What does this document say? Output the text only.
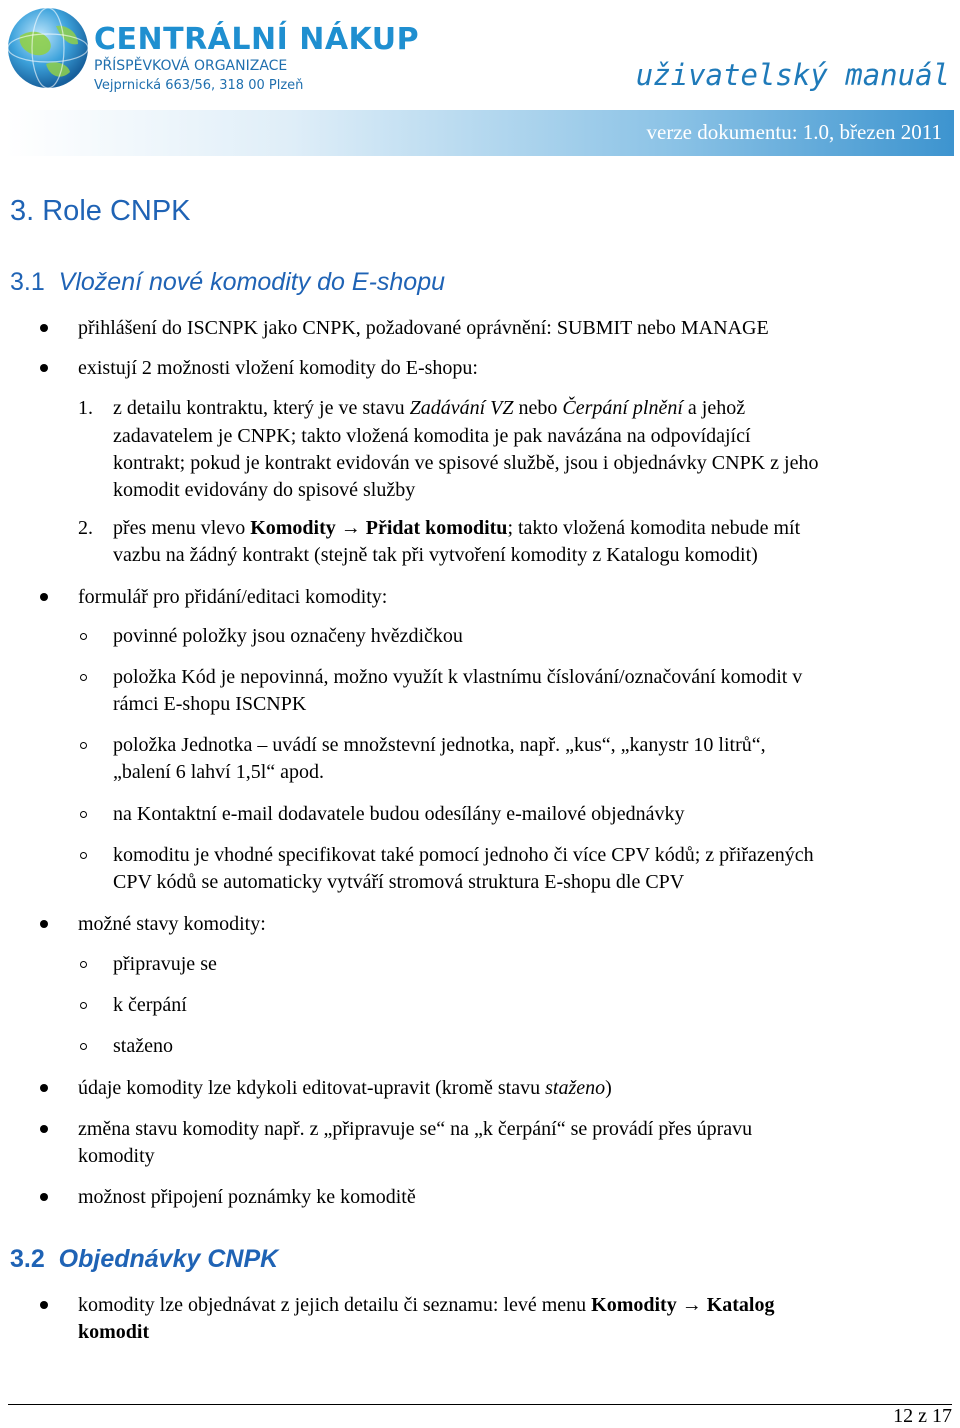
CENTRÁLNÍ NÁKUP
PŘÍSPĚVKOVÁ ORGANIZACE
Vejprnická 663/56, 318 00 Plzeň	uživatelský manuál
verze dokumentu: 1.0, březen 2011
3. Role CNPK
3.1 Vložení nové komodity do E-shopu
přihlášení do ISCNPK jako CNPK, požadované oprávnění: SUBMIT nebo MANAGE
existují 2 možnosti vložení komodity do E-shopu:
1. z detailu kontraktu, který je ve stavu Zadávání VZ nebo Čerpání plnění a jehož
zadavatelem je CNPK; takto vložená komodita je pak navázána na odpovídající
kontrakt; pokud je kontrakt evidován ve spisové službě, jsou i objednávky CNPK z jeho
komodit evidovány do spisové služby
2. přes menu vlevo Komodity → Přidat komoditu; takto vložená komodita nebude mít
vazbu na žádný kontrakt (stejně tak při vytvoření komodity z Katalogu komodit)
formulář pro přidání/editaci komodity:
povinné položky jsou označeny hvězdičkou
položka Kód je nepovinná, možno využít k vlastnímu číslování/označování komodit v
rámci E-shopu ISCNPK
položka Jednotka – uvádí se množstevní jednotka, např. „kus“, „kanystr 10 litrů“,
„balení 6 lahví 1,5l“ apod.
na Kontaktní e-mail dodavatele budou odesílány e-mailové objednávky
komoditu je vhodné specifikovat také pomocí jednoho či více CPV kódů; z přiřazených
CPV kódů se automaticky vytváří stromová struktura E-shopu dle CPV
možné stavy komodity:
připravuje se
k čerpání
staženo
údaje komodity lze kdykoli editovat-upravit (kromě stavu staženo)
změna stavu komodity např. z „připravuje se“ na „k čerpání“ se provádí přes úpravu
komodity
možnost připojení poznámky ke komoditě
3.2 Objednávky CNPK
komodity lze objednávat z jejich detailu či seznamu: levé menu Komodity → Katalog
komodit
12 z 17
